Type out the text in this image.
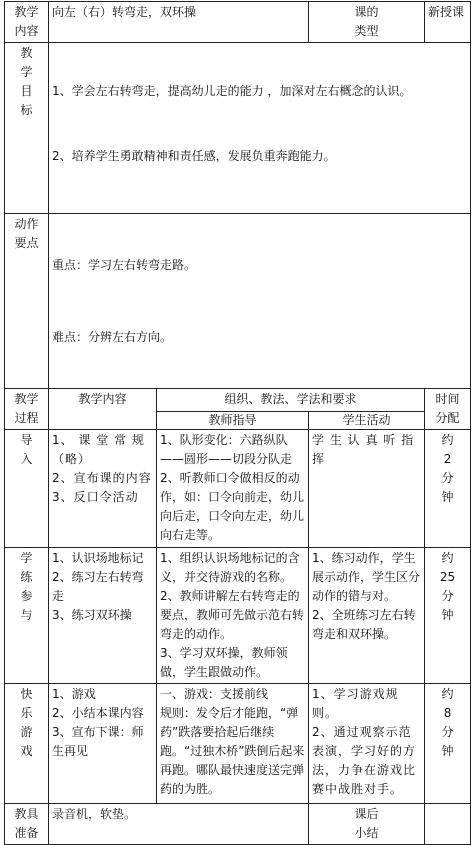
教学
内容	向左（右）转弯走，双环操		课的
类型	新授课
教
学
目
标	1、学会左右转弯走，提高幼儿走的能力 ，加深对左右概念的认识。

2、培养学生勇敢精神和责任感，发展负重奔跑能力。			

动作
要点	重点：学习左右转弯走路。

难点：分辨左右方向。			

教学
过程	教学内容	组织、教法、学法和要求		时间
分配
		教师指导	学生活动	
导
入	1、 课 堂 常 规（略）
2、宣布课的内容
3、反口令活动	1、队形变化：六路纵队——圆形——切段分队走
2、听教师口令做相反的动作，如：口令向前走，幼儿向后走，口令向左走，幼儿向右走等。	学 生 认 真 听 指挥	约
2
分
钟
学
练
参
与	1、认识场地标记
2、练习左右转弯走
3、练习双环操	1、组织认识场地标记的含义，并交待游戏的名称。
2、教师讲解左右转弯走的要点，教师可先做示范右转弯走的动作。
3、学习双环操，教师领做，学生跟做动作。	1、练习动作，学生展示动作，学生区分动作的错与对。
2、全班练习左右转弯走和双环操。	约
25
分
钟
快
乐
游
戏	1、游戏
2、小结本课内容
3、宣布下课：师生再见	一、游戏：支援前线
规则：发令后才能跑，“弹药”跌落要拾起后继续跑。“过独木桥”跌倒后起来再跑。哪队最快速度送完弹药的为胜。	1、学习游戏规则。
2、通过观察示范表演，学习好的方法，力争在游戏比赛中战胜对手。	约
8
分
钟
教具
准备	录音机，软垫。		课后
小结	
